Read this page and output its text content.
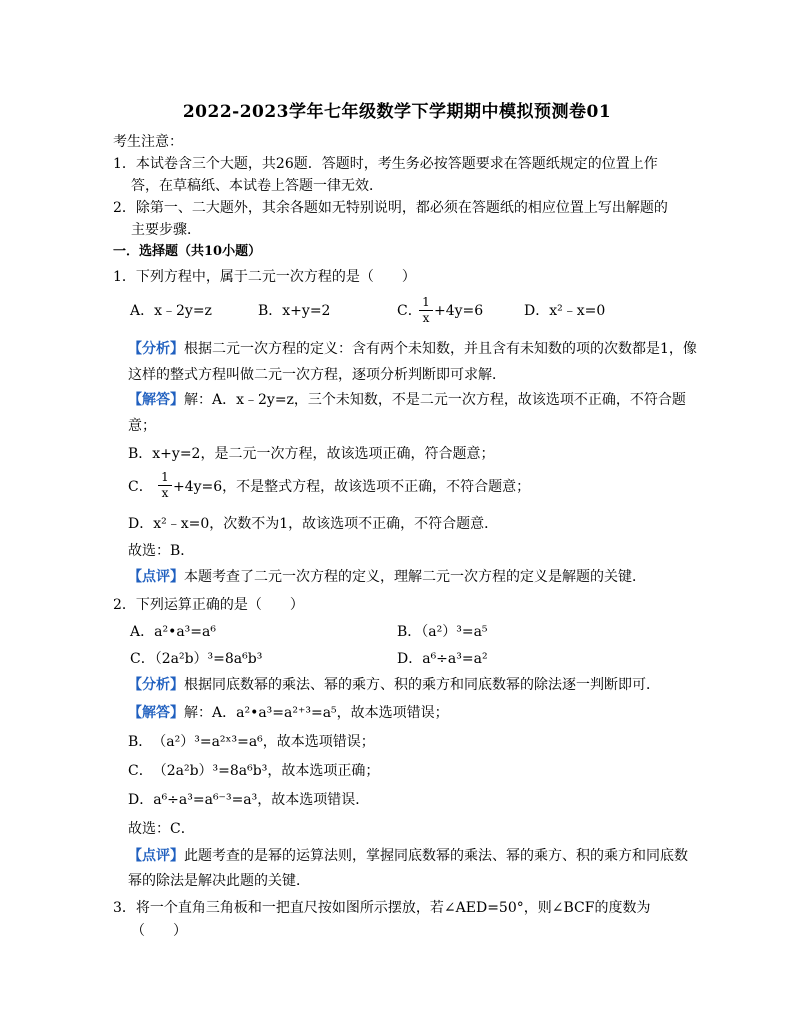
2022-2023学年七年级数学下学期期中模拟预测卷01
考生注意：
1．本试卷含三个大题，共26题．答题时，考生务必按答题要求在答题纸规定的位置上作
答，在草稿纸、本试卷上答题一律无效．
2．除第一、二大题外，其余各题如无特别说明，都必须在答题纸的相应位置上写出解题的
主要步骤．
一．选择题（共10小题）
1．下列方程中，属于二元一次方程的是（　　）
A．x﹣2y=z	B．x+y=2	C．
1
x +4y=6	D．x²﹣x=0
【分析】根据二元一次方程的定义：含有两个未知数，并且含有未知数的项的次数都是1，像
这样的整式方程叫做二元一次方程，逐项分析判断即可求解．
【解答】解：A．x﹣2y=z，三个未知数，不是二元一次方程，故该选项不正确，不符合题
意；
B．x+y=2，是二元一次方程，故该选项正确，符合题意；
C．
1
x +4y=6，不是整式方程，故该选项不正确，不符合题意；
D．x²﹣x=0，次数不为1，故该选项不正确，不符合题意．
故选：B．
【点评】本题考查了二元一次方程的定义，理解二元一次方程的定义是解题的关键．
2．下列运算正确的是（　　）
A．a²•a³=a⁶	B．（a²）³=a⁵
C．（2a²b）³=8a⁶b³	D．a⁶÷a³=a²
【分析】根据同底数幂的乘法、幂的乘方、积的乘方和同底数幂的除法逐一判断即可．
【解答】解：A．a²•a³=a²⁺³=a⁵，故本选项错误；
B．　（a²）³=a²ˣ³=a⁶，故本选项错误；
C．　（2a²b）³=8a⁶b³，故本选项正确；
D．a⁶÷a³=a⁶⁻³=a³，故本选项错误．
故选：C．
【点评】此题考查的是幂的运算法则，掌握同底数幂的乘法、幂的乘方、积的乘方和同底数
幂的除法是解决此题的关键．
3．将一个直角三角板和一把直尺按如图所示摆放，若∠AED=50°，则∠BCF的度数为
（　　）
